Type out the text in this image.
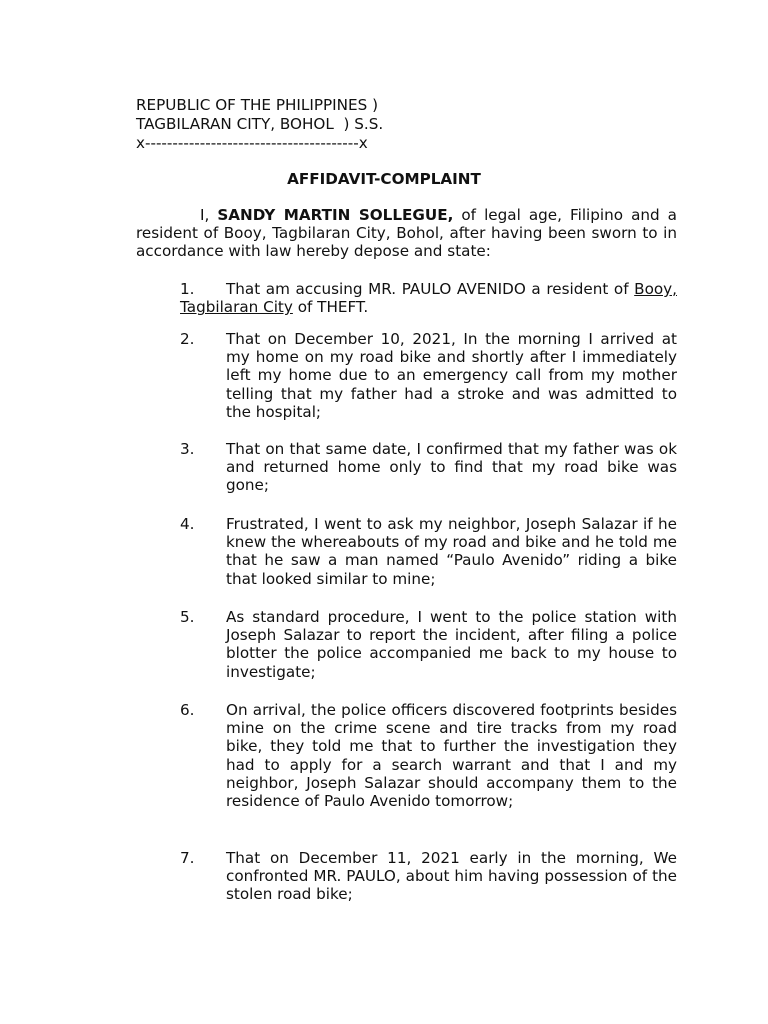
REPUBLIC OF THE PHILIPPINES )
TAGBILARAN CITY, BOHOL  ) S.S.
x---------------------------------------x
AFFIDAVIT-COMPLAINT
I, SANDY MARTIN SOLLEGUE, of legal age, Filipino and a resident of Booy, Tagbilaran City, Bohol, after having been sworn to in accordance with law hereby depose and state:
1. That am accusing MR. PAULO AVENIDO a resident of Booy, Tagbilaran City of THEFT.
2.	That on December 10, 2021, In the morning I arrived at my home on my road bike and shortly after I immediately left my home due to an emergency call from my mother telling that my father had a stroke and was admitted to the hospital;
3.	That on that same date, I confirmed that my father was ok and returned home only to find that my road bike was gone;
4.	Frustrated, I went to ask my neighbor, Joseph Salazar if he knew the whereabouts of my road and bike and he told me that he saw a man named “Paulo Avenido” riding a bike that looked similar to mine;
5.	As standard procedure, I went to the police station with Joseph Salazar to report the incident, after filing a police blotter the police accompanied me back to my house to investigate;
6.	On arrival, the police officers discovered footprints besides mine on the crime scene and tire tracks from my road bike, they told me that to further the investigation they had to apply for a search warrant and that I and my neighbor, Joseph Salazar should accompany them to the residence of Paulo Avenido tomorrow;
7.	That on December 11, 2021 early in the morning, We confronted MR. PAULO, about him having possession of the stolen road bike;
